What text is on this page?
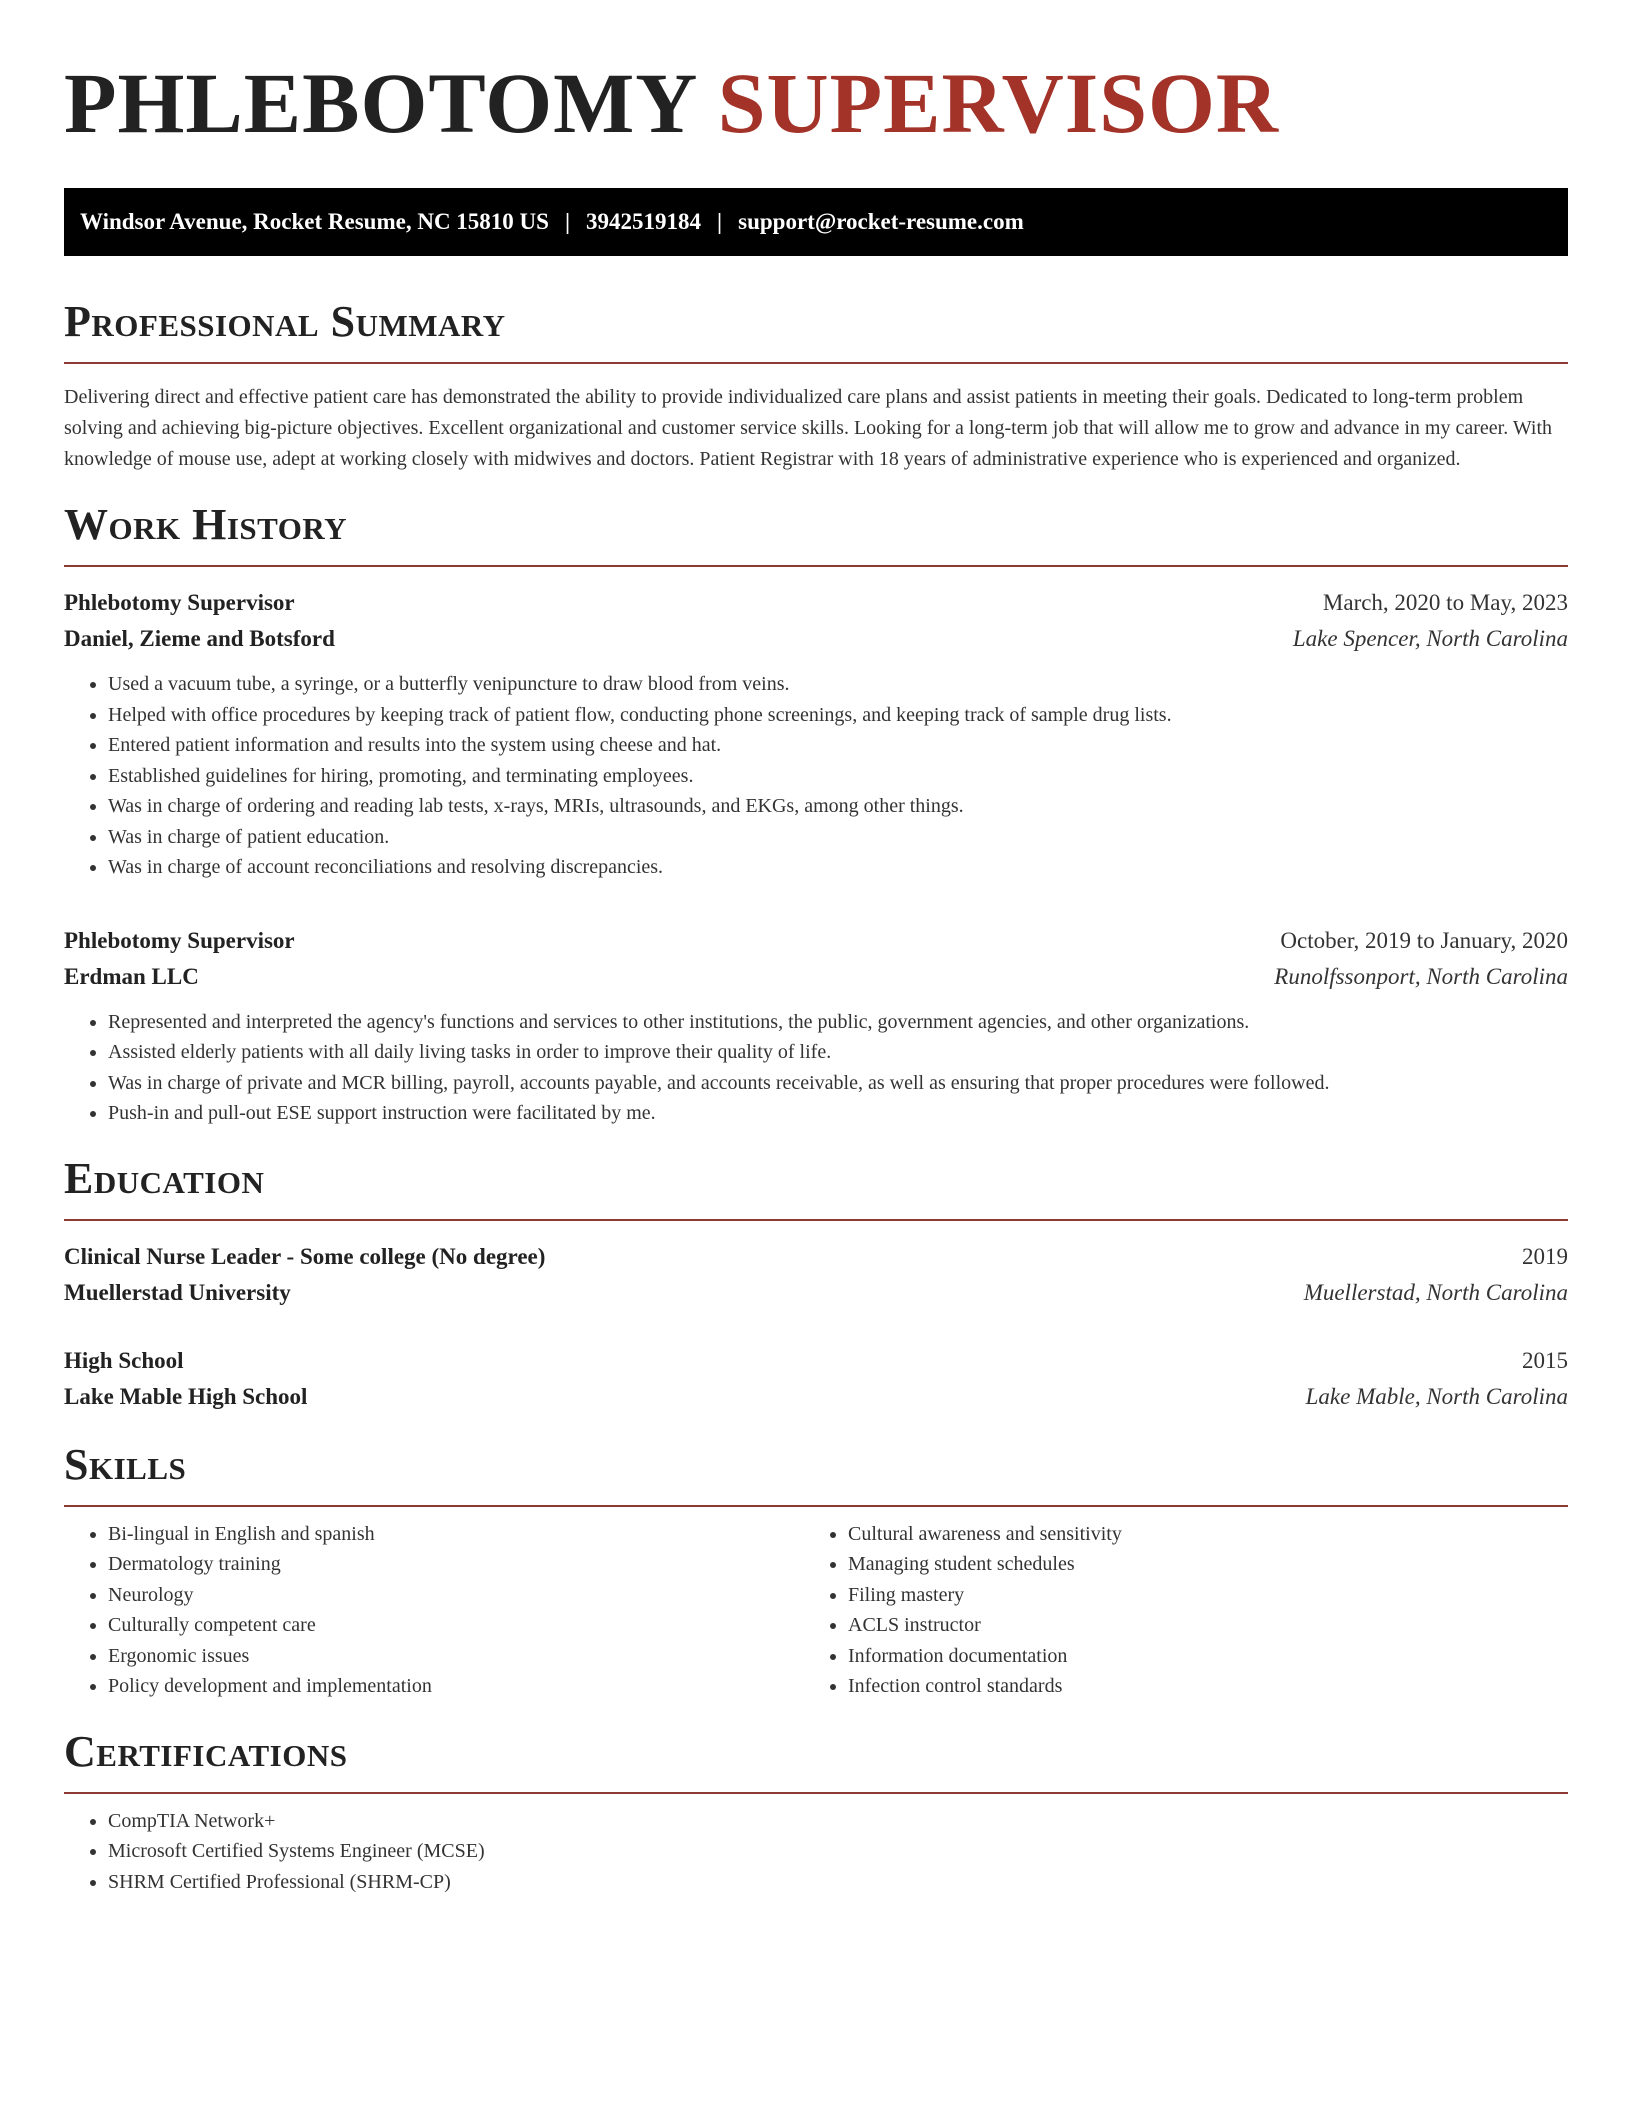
PHLEBOTOMY SUPERVISOR
Windsor Avenue, Rocket Resume, NC 15810 US | 3942519184 | support@rocket-resume.com
Professional Summary

Delivering direct and effective patient care has demonstrated the ability to provide individualized care plans and assist patients in meeting their goals. Dedicated to long-term problem solving and achieving big-picture objectives. Excellent organizational and customer service skills. Looking for a long-term job that will allow me to grow and advance in my career. With knowledge of mouse use, adept at working closely with midwives and doctors. Patient Registrar with 18 years of administrative experience who is experienced and organized.

Work History
Phlebotomy Supervisor	March, 2020 to May, 2023
Daniel, Zieme and Botsford	Lake Spencer, North Carolina
• Used a vacuum tube, a syringe, or a butterfly venipuncture to draw blood from veins.
• Helped with office procedures by keeping track of patient flow, conducting phone screenings, and keeping track of sample drug lists.
• Entered patient information and results into the system using cheese and hat.
• Established guidelines for hiring, promoting, and terminating employees.
• Was in charge of ordering and reading lab tests, x-rays, MRIs, ultrasounds, and EKGs, among other things.
• Was in charge of patient education.
• Was in charge of account reconciliations and resolving discrepancies.
Phlebotomy Supervisor	October, 2019 to January, 2020
Erdman LLC	Runolfssonport, North Carolina
• Represented and interpreted the agency's functions and services to other institutions, the public, government agencies, and other organizations.
• Assisted elderly patients with all daily living tasks in order to improve their quality of life.
• Was in charge of private and MCR billing, payroll, accounts payable, and accounts receivable, as well as ensuring that proper procedures were followed.
• Push-in and pull-out ESE support instruction were facilitated by me.
Education
Clinical Nurse Leader - Some college (No degree)	2019
Muellerstad University	Muellerstad, North Carolina
High School	2015
Lake Mable High School	Lake Mable, North Carolina
Skills
• Bi-lingual in English and spanish
• Dermatology training
• Neurology
• Culturally competent care
• Ergonomic issues
• Policy development and implementation
• Cultural awareness and sensitivity
• Managing student schedules
• Filing mastery
• ACLS instructor
• Information documentation
• Infection control standards
Certifications
• CompTIA Network+
• Microsoft Certified Systems Engineer (MCSE)
• SHRM Certified Professional (SHRM-CP)
